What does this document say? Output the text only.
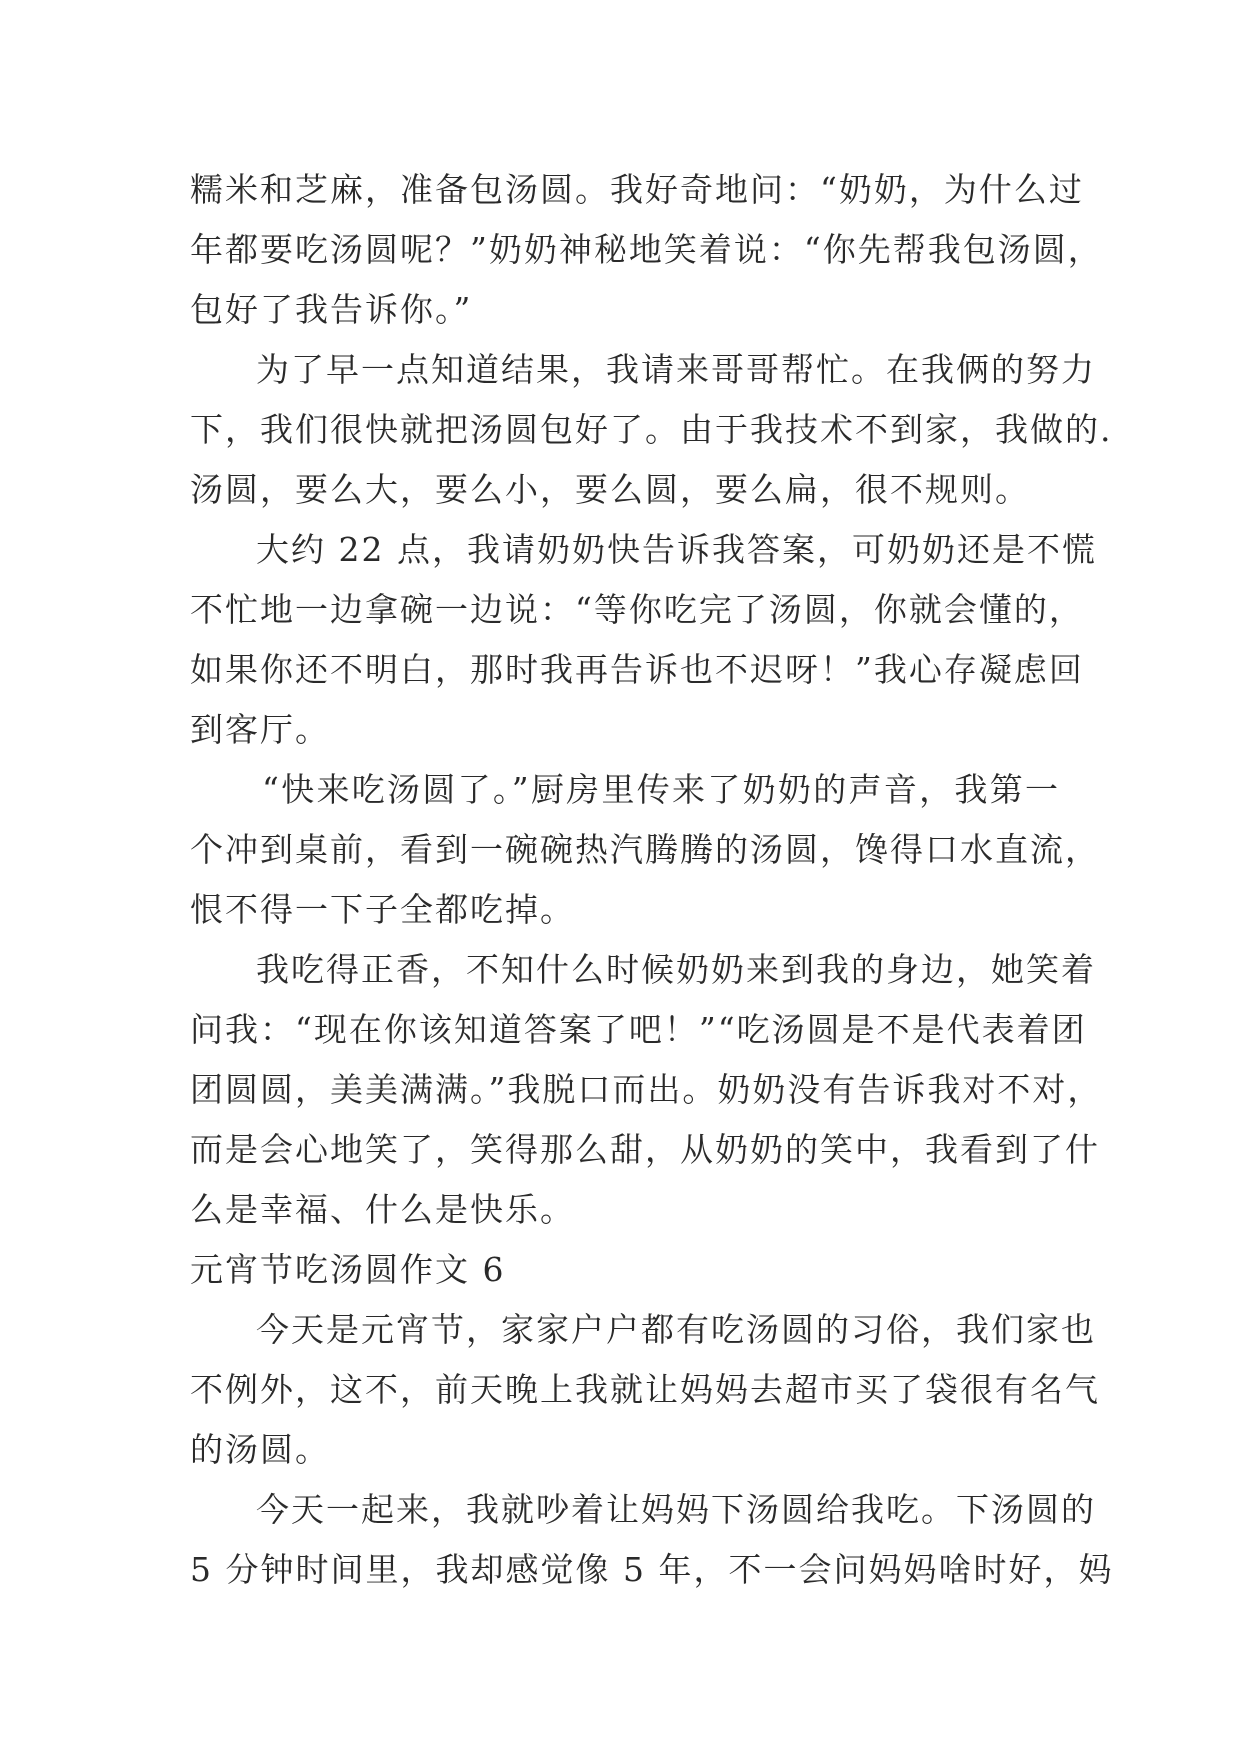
糯米和芝麻，准备包汤圆。我好奇地问：“奶奶，为什么过
年都要吃汤圆呢？”奶奶神秘地笑着说：“你先帮我包汤圆，
包好了我告诉你。”
为了早一点知道结果，我请来哥哥帮忙。在我俩的努力
下，我们很快就把汤圆包好了。由于我技术不到家，我做的.
汤圆，要么大，要么小，要么圆，要么扁，很不规则。
大约 22 点，我请奶奶快告诉我答案，可奶奶还是不慌
不忙地一边拿碗一边说：“等你吃完了汤圆，你就会懂的，
如果你还不明白，那时我再告诉也不迟呀！”我心存凝虑回
到客厅。
“快来吃汤圆了。”厨房里传来了奶奶的声音，我第一
个冲到桌前，看到一碗碗热汽腾腾的汤圆，馋得口水直流，
恨不得一下子全都吃掉。
我吃得正香，不知什么时候奶奶来到我的身边，她笑着
问我：“现在你该知道答案了吧！”“吃汤圆是不是代表着团
团圆圆，美美满满。”我脱口而出。奶奶没有告诉我对不对，
而是会心地笑了，笑得那么甜，从奶奶的笑中，我看到了什
么是幸福、什么是快乐。
元宵节吃汤圆作文 6
今天是元宵节，家家户户都有吃汤圆的习俗，我们家也
不例外，这不，前天晚上我就让妈妈去超市买了袋很有名气
的汤圆。
今天一起来，我就吵着让妈妈下汤圆给我吃。下汤圆的
5 分钟时间里，我却感觉像 5 年，不一会问妈妈啥时好，妈
